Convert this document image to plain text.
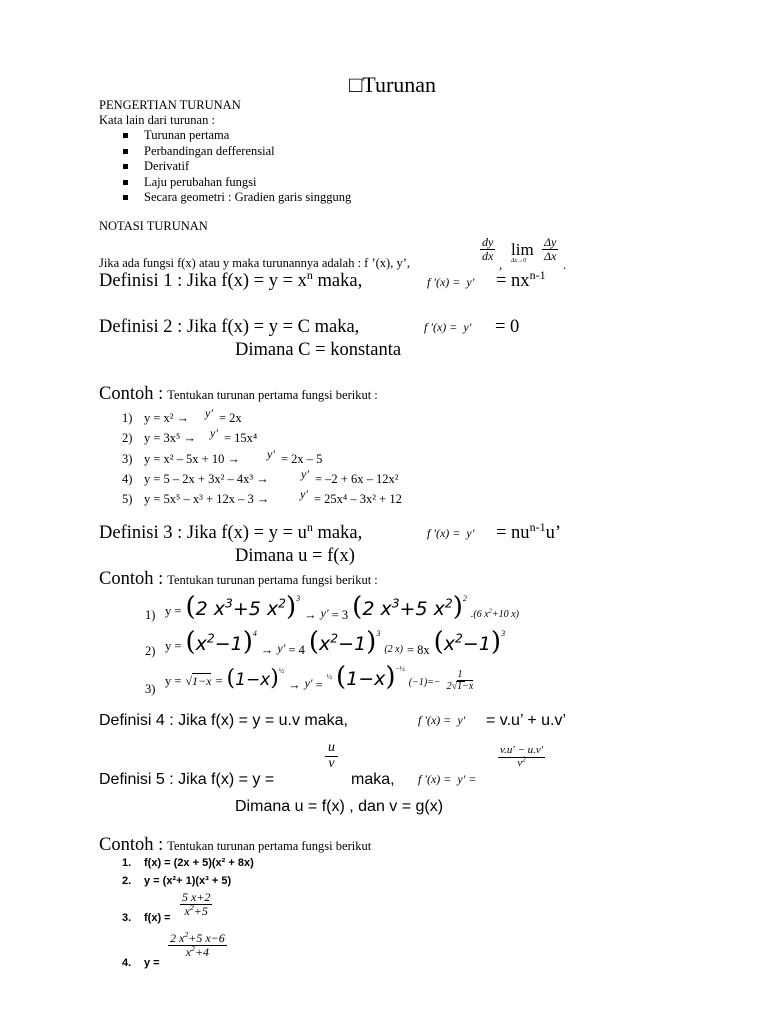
□Turunan
PENGERTIAN TURUNAN
Kata lain dari turunan :
Turunan pertama
Perbandingan defferensial
Derivatif
Laju perubahan fungsi
Secara geometri : Gradien garis singgung
NOTASI TURUNAN
Jika ada fungsi f(x) atau y maka turunannya adalah : f ’(x), y’,
$\frac{dy}{dx}$
,
lim
Δx→0	$\frac{\Delta y}{\Delta x}$
.
Definisi 1 : Jika $f(x) = y = x^n$ maka,	f $'(x) = y' = nx^{n-1}$
Definisi 2 : Jika f(x) = y = C maka,	f ′(x) =  y′ = 0
Dimana C = konstanta
Contoh : Tentukan turunan pertama fungsi berikut :
1) y = x² → y′ = 2x
2) y = 3x⁵ → y′ = 15x⁴
3) y = x² – 5x + 10 → y′ = 2x – 5
4) y = 5 – 2x + 3x² – 4x³ →	y′ = –2 + 6x – 12x²
5) y = 5x⁵ – x³ + 12x – 3 →	y′ = 25x⁴ – 3x² + 12
Definisi 3 : Jika $f(x) = y = u^n$ maka,	f $'(x) = y' = nu^{n-1}u$’
Dimana u = f(x)
Contoh : Tentukan turunan pertama fungsi berikut :
1) y = (2 $x^3+5$ $x^2)^3$ $_\to$ y′ $_=$ $_3$ (2 $x^3+5$ $x^2)^2$ .(6 $x^2+10$ x)
2) $y = (x^2-1)^4$ $_\to$ y′ $_{= 4}$ $(x^2-1)^3$ (2 x) $_{= 8x}$ $(x^2-1)^3$
3)
$y = √1-x = (1-x)^{\frac{1}{2}}$ $_\to$ y′ $_=$ $^{\frac{1}{2}}$ $(1-x)^{-\frac{1}{2}}$ $(-1)=- \frac{1}{2√1-x}$
Definisi 4 : Jika f(x) = y = u.v maka,	f ′(x) =  y′ = v.u’ + u.v’
Definisi 5 : Jika f(x) = y =
$\frac{u}{v}$
maka, f ′(x) =  y′ =
$\frac{v.u' - u.v'}{v^2}$
Dimana u = f(x) , dan v = g(x)
Contoh : Tentukan turunan pertama fungsi berikut
1. f(x) = (2x + 5)(x² + 8x)
2. y = (x²+ 1)(x³ + 5)
3. f(x) =
$\frac{5 x+2}{x^2+5}$
4. y =
$\frac{2 x^2+5 x-6}{x^2+4}$
